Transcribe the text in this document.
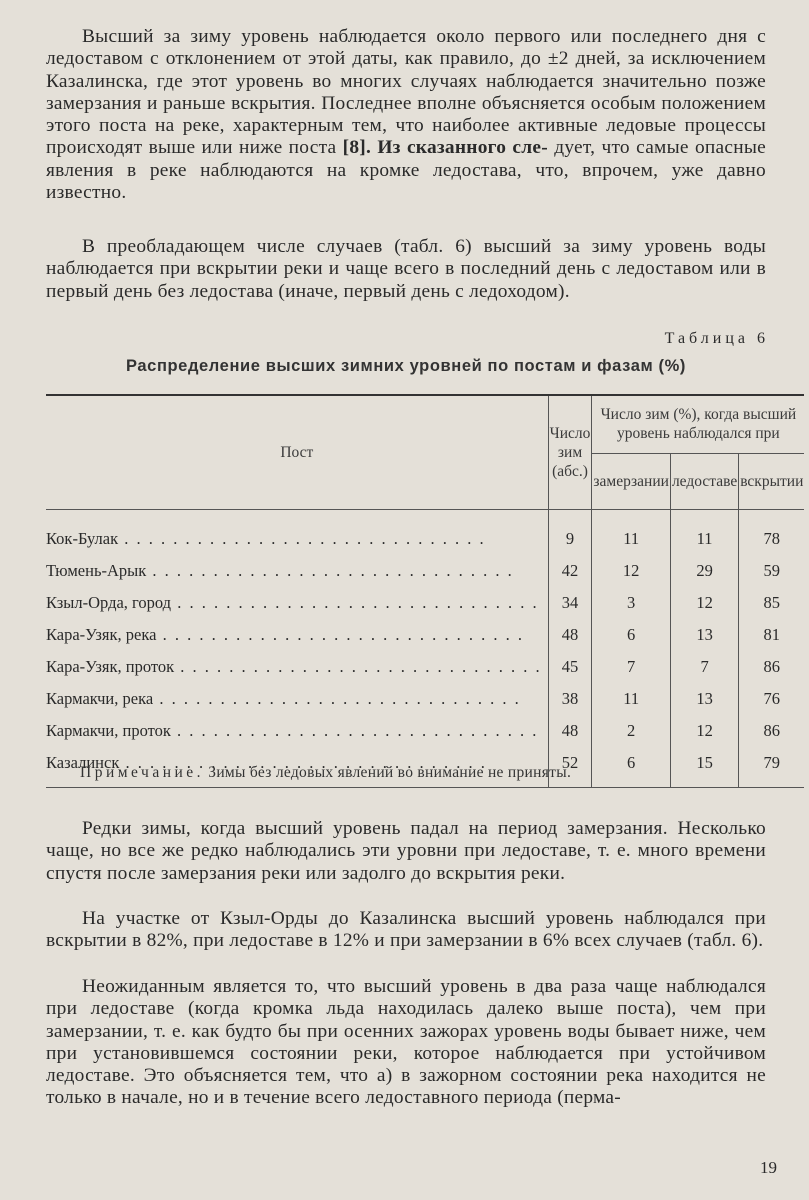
Высший за зиму уровень наблюдается около первого или последнего дня с ледоставом с отклонением от этой даты, как правило, до ±2 дней, за исключением Казалинска, где этот уровень во многих случаях наблюдается значительно позже замерзания и раньше вскрытия. Последнее вполне объясняется особым положением этого поста на реке, характерным тем, что наиболее активные ледовые процессы происходят выше или ниже поста [8]. Из сказанного сле- дует, что самые опасные явления в реке наблюдаются на кромке ледостава, что, впрочем, уже давно известно.

В преобладающем числе случаев (табл. 6) высший за зиму уровень воды наблюдается при вскрытии реки и чаще всего в последний день с ледоставом или в первый день без ледостава (иначе, первый день с ледоходом).

Таблица 6

Распределение высших зимних уровней по постам и фазам (%)

Пост	Число зим (абс.)	Число зим (%), когда высший уровень наблюдался при		
		замерзании	ледоставе	вскрытии
Кок-Булак . . .	9	11	11	78
Тюмень-Арык . . .	42	12	29	59
Кзыл-Орда, город . . .	34	3	12	85
Кара-Узяк, река . . .	48	6	13	81
Кара-Узяк, проток . . .	45	7	7	86
Кармакчи, река . . .	38	11	13	76
Кармакчи, проток . . .	48	2	12	86
Казалинск . . .	52	6	15	79

Примечание. Зимы без ледовых явлений во внимание не приняты.

Редки зимы, когда высший уровень падал на период замерзания. Несколько чаще, но все же редко наблюдались эти уровни при ледоставе, т. е. много времени спустя после замерзания реки или задолго до вскрытия реки.

На участке от Кзыл-Орды до Казалинска высший уровень наблюдался при вскрытии в 82%, при ледоставе в 12% и при замерзании в 6% всех случаев (табл. 6).

Неожиданным является то, что высший уровень в два раза чаще наблюдался при ледоставе (когда кромка льда находилась далеко выше поста), чем при замерзании, т. е. как будто бы при осенних зажорах уровень воды бывает ниже, чем при установившемся состоянии реки, которое наблюдается при устойчивом ледоставе. Это объясняется тем, что а) в зажорном состоянии река находится не только в начале, но и в течение всего ледоставного периода (перма-

19
